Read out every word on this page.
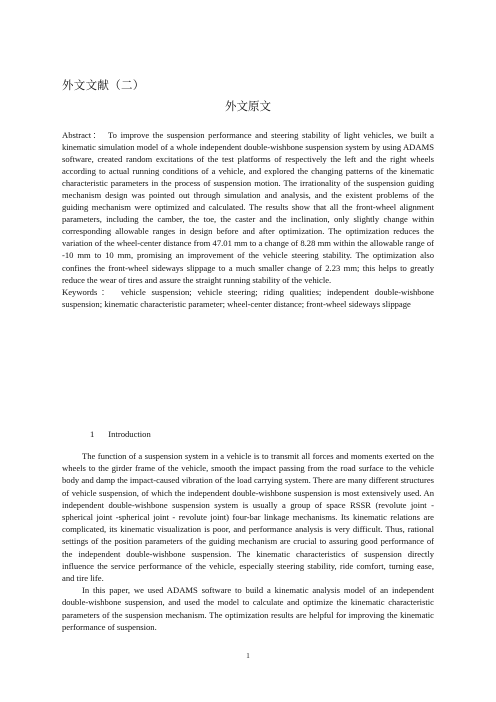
外文文献（二）
外文原文
Abstract： To improve the suspension performance and steering stability of light vehicles, we built a kinematic simulation model of a whole independent double-wishbone suspension system by using ADAMS software, created random excitations of the test platforms of respectively the left and the right wheels according to actual running conditions of a vehicle, and explored the changing patterns of the kinematic characteristic parameters in the process of suspension motion. The irrationality of the suspension guiding mechanism design was pointed out through simulation and analysis, and the existent problems of the guiding mechanism were optimized and calculated. The results show that all the front-wheel alignment parameters, including the camber, the toe, the caster and the inclination, only slightly change within corresponding allowable ranges in design before and after optimization. The optimization reduces the variation of the wheel-center distance from 47.01 mm to a change of 8.28 mm within the allowable range of -10 mm to 10 mm, promising an improvement of the vehicle steering stability. The optimization also confines the front-wheel sideways slippage to a much smaller change of 2.23 mm; this helps to greatly reduce the wear of tires and assure the straight running stability of the vehicle.
Keywords： vehicle suspension; vehicle steering; riding qualities; independent double-wishbone suspension; kinematic characteristic parameter; wheel-center distance; front-wheel sideways slippage
1 Introduction

The function of a suspension system in a vehicle is to transmit all forces and moments exerted on the wheels to the girder frame of the vehicle, smooth the impact passing from the road surface to the vehicle body and damp the impact-caused vibration of the load carrying system. There are many different structures of vehicle suspension, of which the independent double-wishbone suspension is most extensively used. An independent double-wishbone suspension system is usually a group of space RSSR (revolute joint - spherical joint -spherical joint - revolute joint) four-bar linkage mechanisms. Its kinematic relations are complicated, its kinematic visualization is poor, and performance analysis is very difficult. Thus, rational settings of the position parameters of the guiding mechanism are crucial to assuring good performance of the independent double-wishbone suspension. The kinematic characteristics of suspension directly influence the service performance of the vehicle, especially steering stability, ride comfort, turning ease, and tire life.

In this paper, we used ADAMS software to build a kinematic analysis model of an independent double-wishbone suspension, and used the model to calculate and optimize the kinematic characteristic parameters of the suspension mechanism. The optimization results are helpful for improving the kinematic performance of suspension.

1
